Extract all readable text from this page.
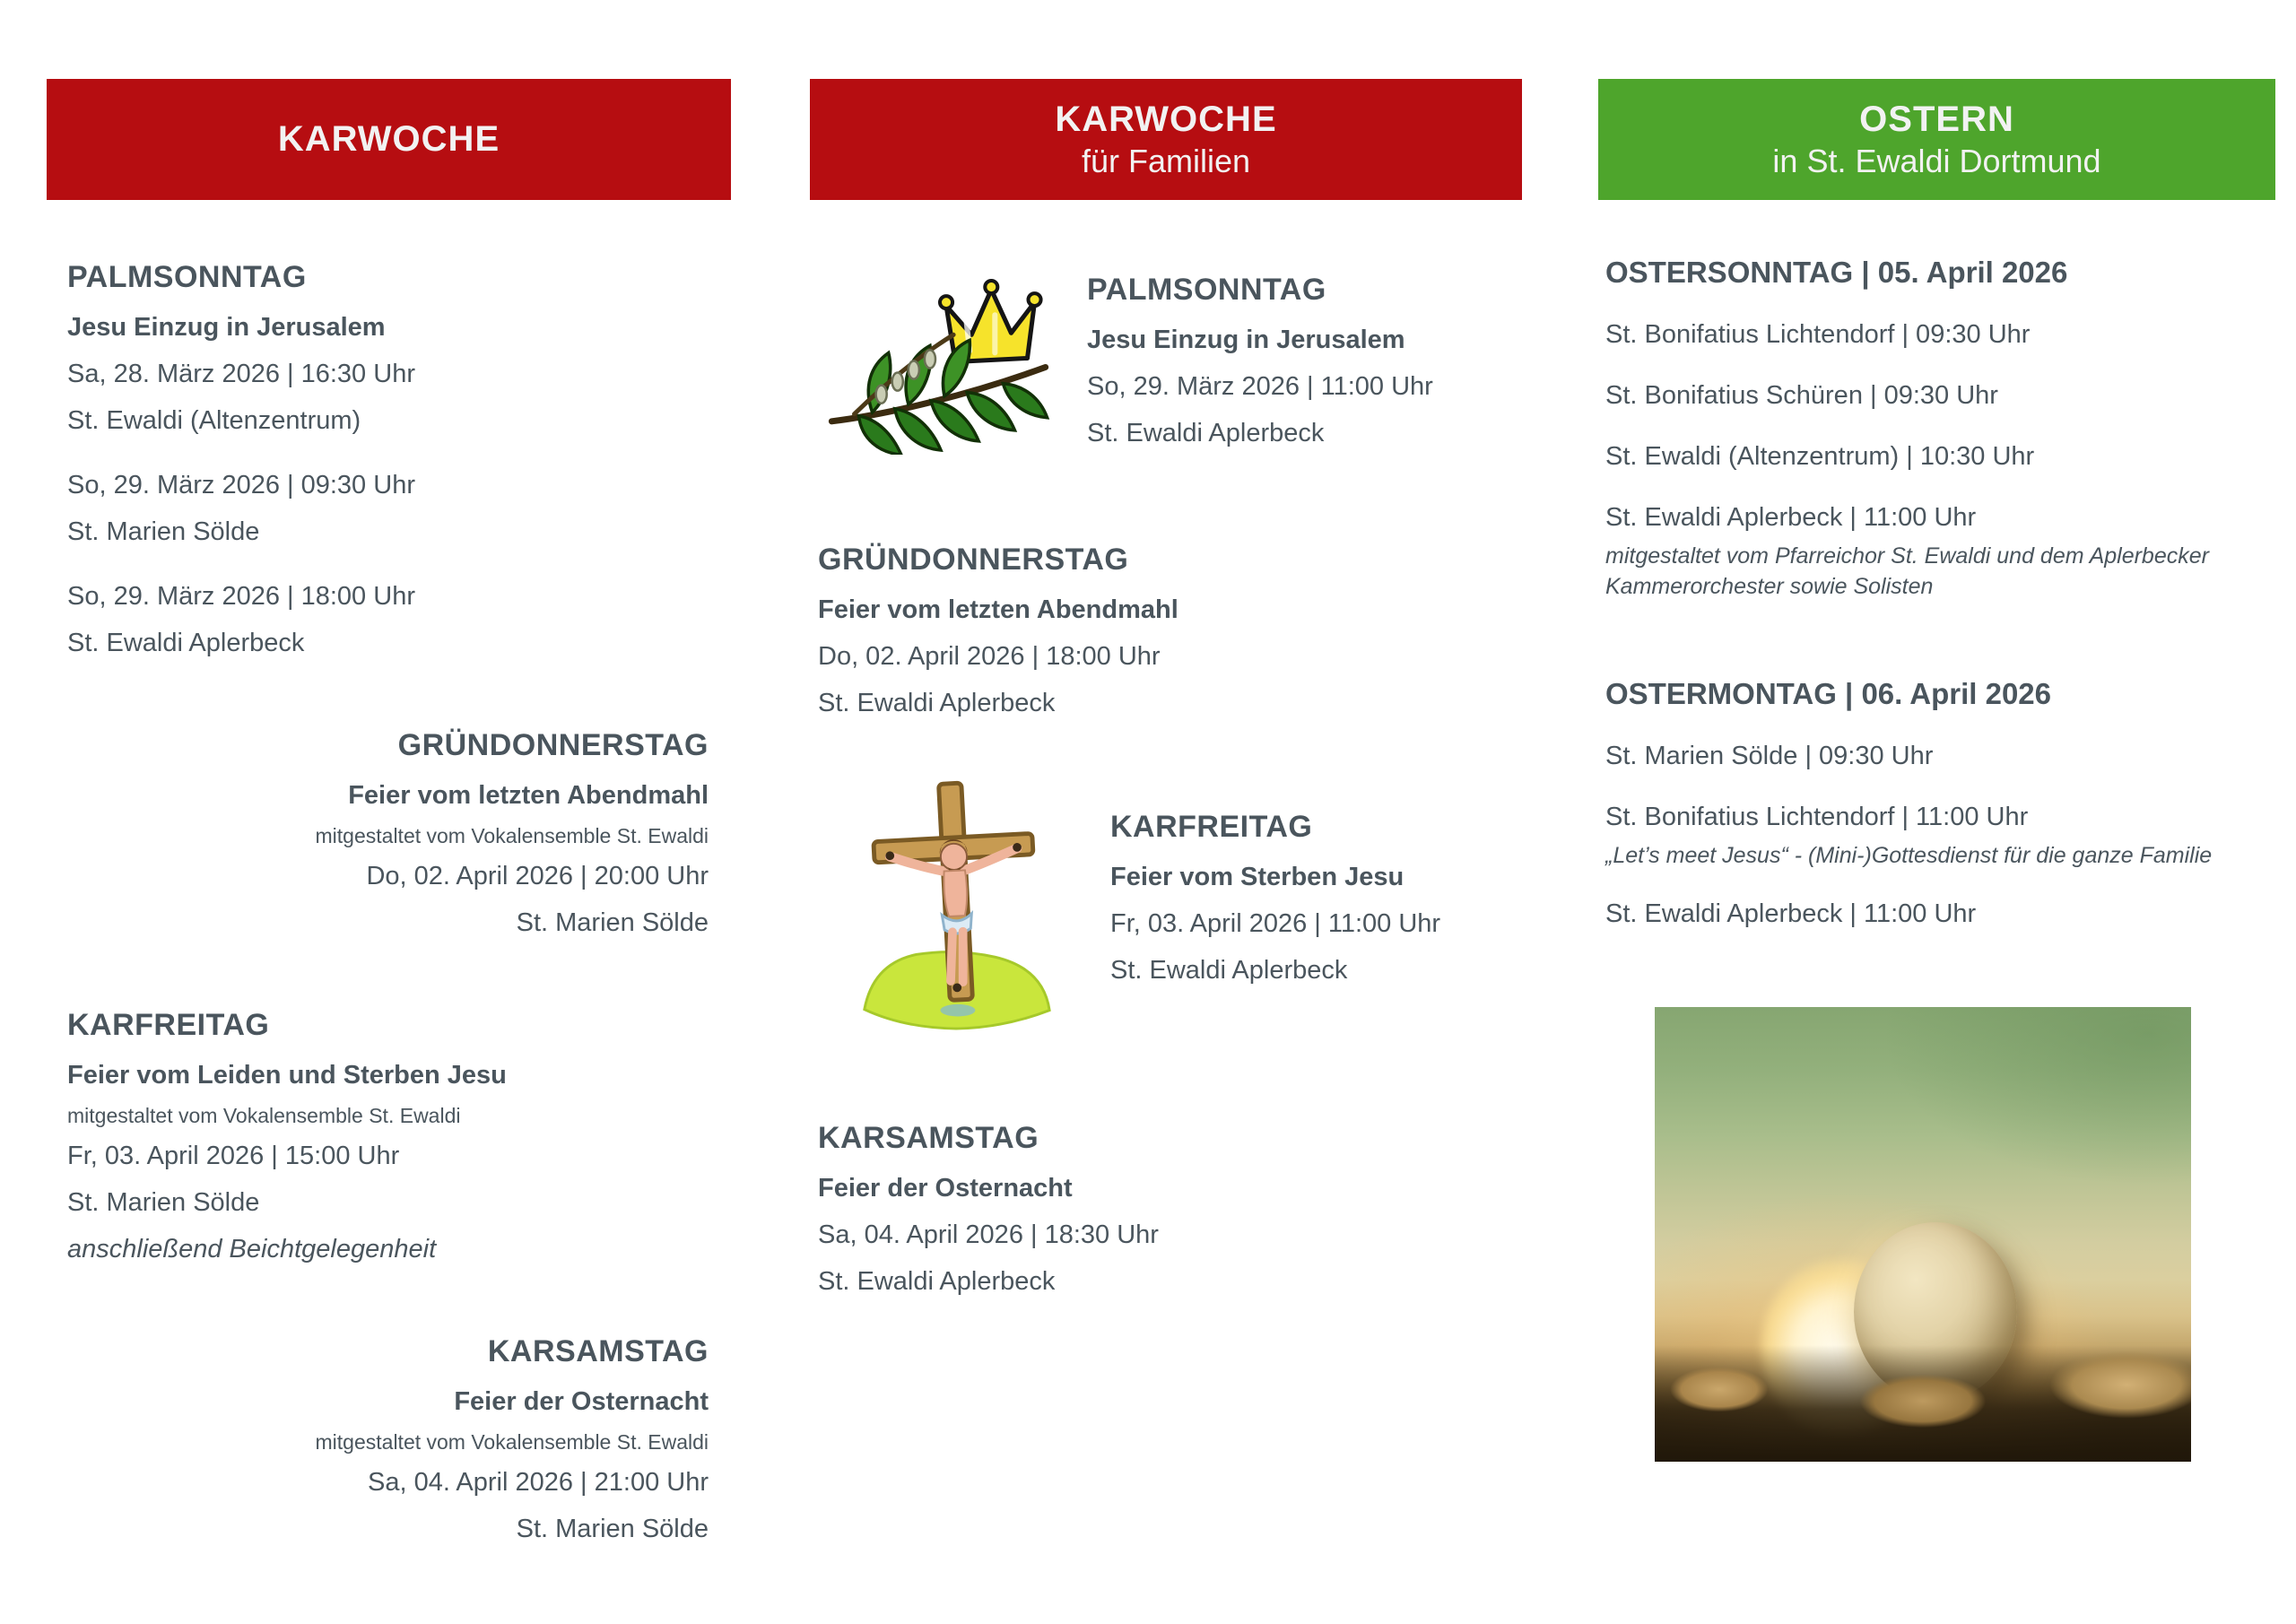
KARWOCHE	KARWOCHE
für Familien
OSTERN
in St. Ewaldi Dortmund
PALMSONNTAG

Jesu Einzug in Jerusalem

Sa, 28. März 2026 | 16:30 Uhr

St. Ewaldi (Altenzentrum)

So, 29. März 2026 | 09:30 Uhr

St. Marien Sölde

So, 29. März 2026 | 18:00 Uhr

St. Ewaldi Aplerbeck

GRÜNDONNERSTAG

Feier vom letzten Abendmahl

mitgestaltet vom Vokalensemble St. Ewaldi

Do, 02. April 2026 | 20:00 Uhr

St. Marien Sölde

KARFREITAG

Feier vom Leiden und Sterben Jesu

mitgestaltet vom Vokalensemble St. Ewaldi

Fr, 03. April 2026 | 15:00 Uhr

St. Marien Sölde

anschließend Beichtgelegenheit

KARSAMSTAG

Feier der Osternacht

mitgestaltet vom Vokalensemble St. Ewaldi

Sa, 04. April 2026 | 21:00 Uhr

St. Marien Sölde

PALMSONNTAG

Jesu Einzug in Jerusalem

So, 29. März 2026 | 11:00 Uhr

St. Ewaldi Aplerbeck

GRÜNDONNERSTAG

Feier vom letzten Abendmahl

Do, 02. April 2026 | 18:00 Uhr

St. Ewaldi Aplerbeck

KARFREITAG

Feier vom Sterben Jesu

Fr, 03. April 2026 | 11:00 Uhr

St. Ewaldi Aplerbeck

KARSAMSTAG

Feier der Osternacht

Sa, 04. April 2026 | 18:30 Uhr

St. Ewaldi Aplerbeck

OSTERSONNTAG | 05. April 2026

St. Bonifatius Lichtendorf | 09:30 Uhr

St. Bonifatius Schüren | 09:30 Uhr

St. Ewaldi (Altenzentrum) | 10:30 Uhr

St. Ewaldi Aplerbeck | 11:00 Uhr

mitgestaltet vom Pfarreichor St. Ewaldi und dem Aplerbecker Kammerorchester sowie Solisten

OSTERMONTAG | 06. April 2026

St. Marien Sölde | 09:30 Uhr

St. Bonifatius Lichtendorf | 11:00 Uhr

„Let’s meet Jesus“ - (Mini-)Gottesdienst für die ganze Familie

St. Ewaldi Aplerbeck | 11:00 Uhr
